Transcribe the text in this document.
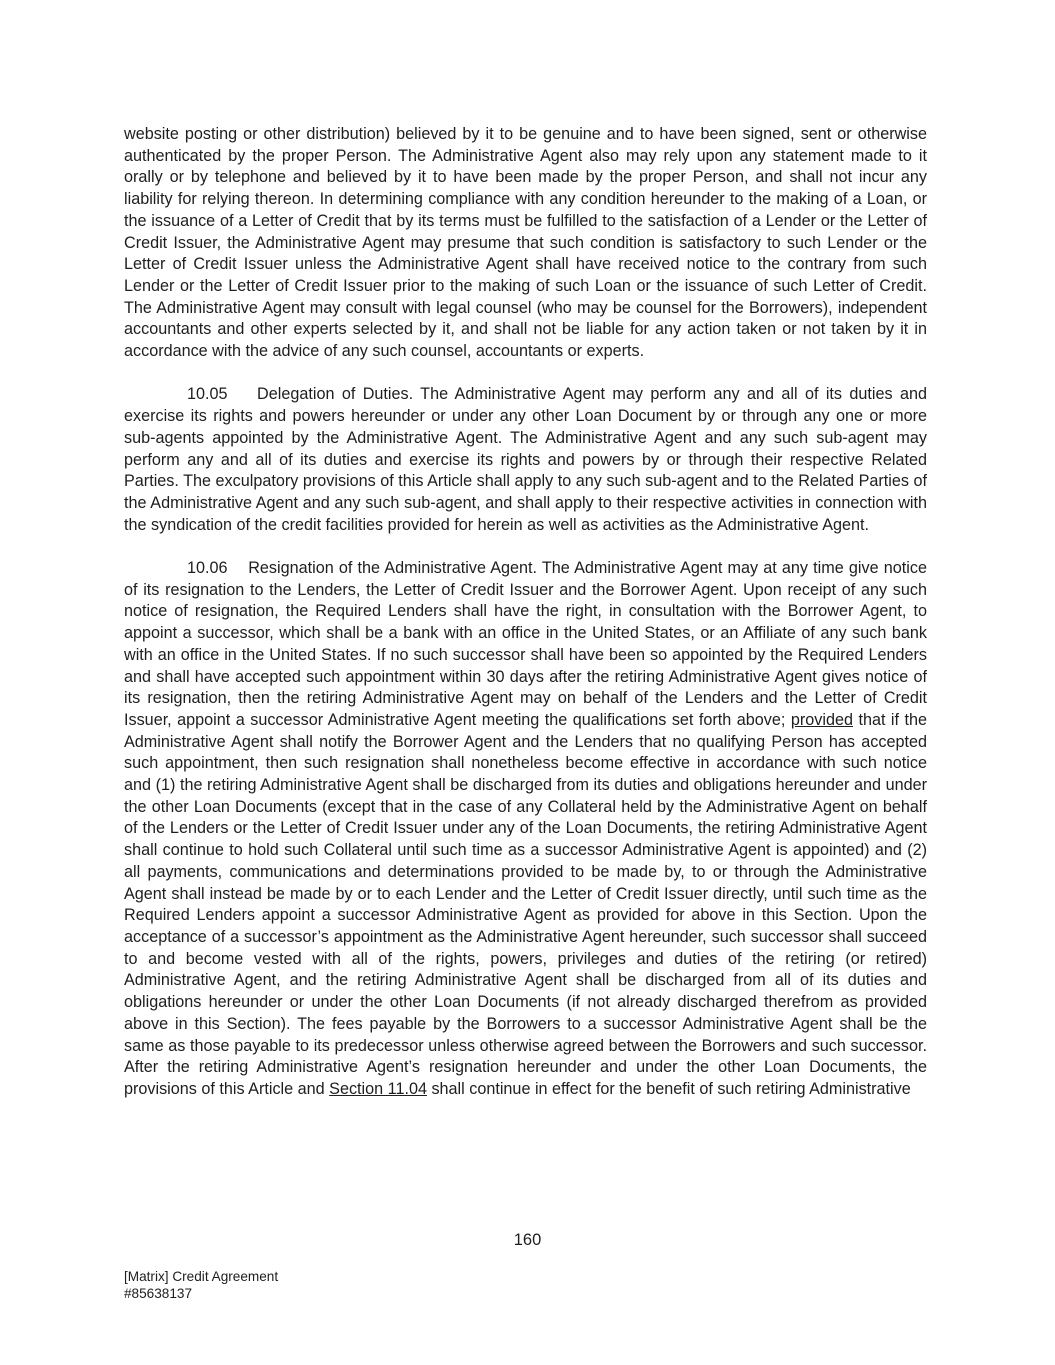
website posting or other distribution) believed by it to be genuine and to have been signed, sent or otherwise authenticated by the proper Person. The Administrative Agent also may rely upon any statement made to it orally or by telephone and believed by it to have been made by the proper Person, and shall not incur any liability for relying thereon. In determining compliance with any condition hereunder to the making of a Loan, or the issuance of a Letter of Credit that by its terms must be fulfilled to the satisfaction of a Lender or the Letter of Credit Issuer, the Administrative Agent may presume that such condition is satisfactory to such Lender or the Letter of Credit Issuer unless the Administrative Agent shall have received notice to the contrary from such Lender or the Letter of Credit Issuer prior to the making of such Loan or the issuance of such Letter of Credit. The Administrative Agent may consult with legal counsel (who may be counsel for the Borrowers), independent accountants and other experts selected by it, and shall not be liable for any action taken or not taken by it in accordance with the advice of any such counsel, accountants or experts.

10.05 Delegation of Duties. The Administrative Agent may perform any and all of its duties and exercise its rights and powers hereunder or under any other Loan Document by or through any one or more sub-agents appointed by the Administrative Agent. The Administrative Agent and any such sub-agent may perform any and all of its duties and exercise its rights and powers by or through their respective Related Parties. The exculpatory provisions of this Article shall apply to any such sub-agent and to the Related Parties of the Administrative Agent and any such sub-agent, and shall apply to their respective activities in connection with the syndication of the credit facilities provided for herein as well as activities as the Administrative Agent.

10.06 Resignation of the Administrative Agent. The Administrative Agent may at any time give notice of its resignation to the Lenders, the Letter of Credit Issuer and the Borrower Agent. Upon receipt of any such notice of resignation, the Required Lenders shall have the right, in consultation with the Borrower Agent, to appoint a successor, which shall be a bank with an office in the United States, or an Affiliate of any such bank with an office in the United States. If no such successor shall have been so appointed by the Required Lenders and shall have accepted such appointment within 30 days after the retiring Administrative Agent gives notice of its resignation, then the retiring Administrative Agent may on behalf of the Lenders and the Letter of Credit Issuer, appoint a successor Administrative Agent meeting the qualifications set forth above; provided that if the Administrative Agent shall notify the Borrower Agent and the Lenders that no qualifying Person has accepted such appointment, then such resignation shall nonetheless become effective in accordance with such notice and (1) the retiring Administrative Agent shall be discharged from its duties and obligations hereunder and under the other Loan Documents (except that in the case of any Collateral held by the Administrative Agent on behalf of the Lenders or the Letter of Credit Issuer under any of the Loan Documents, the retiring Administrative Agent shall continue to hold such Collateral until such time as a successor Administrative Agent is appointed) and (2) all payments, communications and determinations provided to be made by, to or through the Administrative Agent shall instead be made by or to each Lender and the Letter of Credit Issuer directly, until such time as the Required Lenders appoint a successor Administrative Agent as provided for above in this Section. Upon the acceptance of a successor’s appointment as the Administrative Agent hereunder, such successor shall succeed to and become vested with all of the rights, powers, privileges and duties of the retiring (or retired) Administrative Agent, and the retiring Administrative Agent shall be discharged from all of its duties and obligations hereunder or under the other Loan Documents (if not already discharged therefrom as provided above in this Section). The fees payable by the Borrowers to a successor Administrative Agent shall be the same as those payable to its predecessor unless otherwise agreed between the Borrowers and such successor. After the retiring Administrative Agent’s resignation hereunder and under the other Loan Documents, the provisions of this Article and Section 11.04 shall continue in effect for the benefit of such retiring Administrative

160
[Matrix] Credit Agreement
#85638137
